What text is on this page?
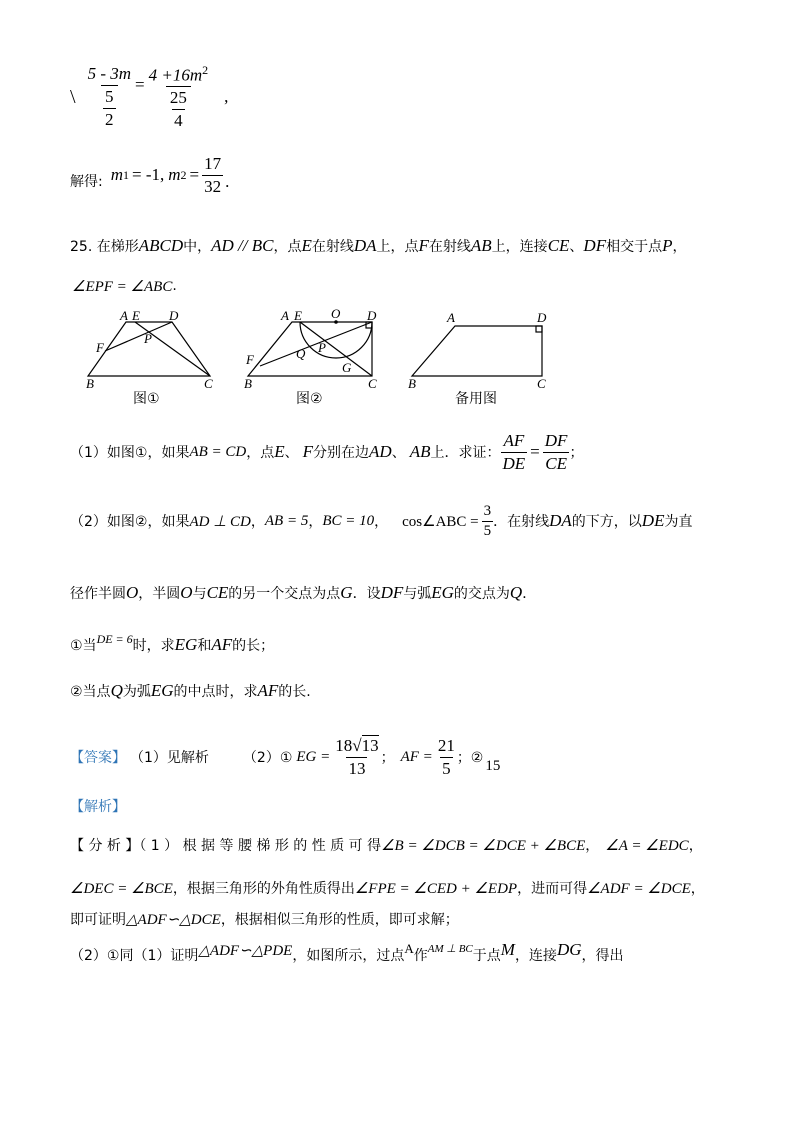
\ $\frac{5 - 3m}{\frac{5}{2}} = \frac{4 +16m^2}{\frac{25}{4}}$ ,
解得: m 1 = -1, m $2 = \frac{17}{32}$ .
25. 在梯形 ABCD 中， AD // BC ，点 E 在射线 DA 上，点 F 在射线 AB 上，连接 CE 、 DF 相交于点 P ，
∠EPF = ∠ABC .
A E D
F
P
B	C
A E O D
F	Q P
G
B	C
A	D
B	C
图①	图②	备用图
（1）如图①，如果 AB = CD ，点 E 、 F 分别在边 AD 、 AB 上．求证： $\frac{AF}{DE} = \frac{DF}{CE}$ ；
（2）如图②，如果 AD ⊥ CD ， AB = 5 ， BC = 10 ， cos∠ABC = $\frac{3}{5}$ ．在射线 DA 的下方，以 DE 为直
径作半圆 O ，半圆 O 与 CE 的另一个交点为点 G ．设 DF 与弧 EG 的交点为 Q ．
①当 DE = 6 时，求 EG 和 AF 的长；
②当点 Q 为弧 EG 的中点时，求 AF 的长.
【答案】 （1）见解析 （2）① EG = $\frac{18√13}{13}$ ； AF = $\frac{21}{5}$ ；② 15
【解析】
【 分 析 】（ 1 ） 根 据 等 腰 梯 形 的 性 质 可 得 ∠B = ∠DCB = ∠DCE + ∠BCE ， ∠A = ∠EDC ，
∠DEC = ∠BCE ，根据三角形的外角性质得出 ∠FPE = ∠CED + ∠EDP ，进而可得 ∠ADF = ∠DCE ，
即可证明 △ADF∽△DCE ，根据相似三角形的性质，即可求解；
（2）①同（1）证明 △ADF∽△PDE ，如图所示，过点 A 作 AM ⊥ BC 于点 M ，连接 DG ，得出
